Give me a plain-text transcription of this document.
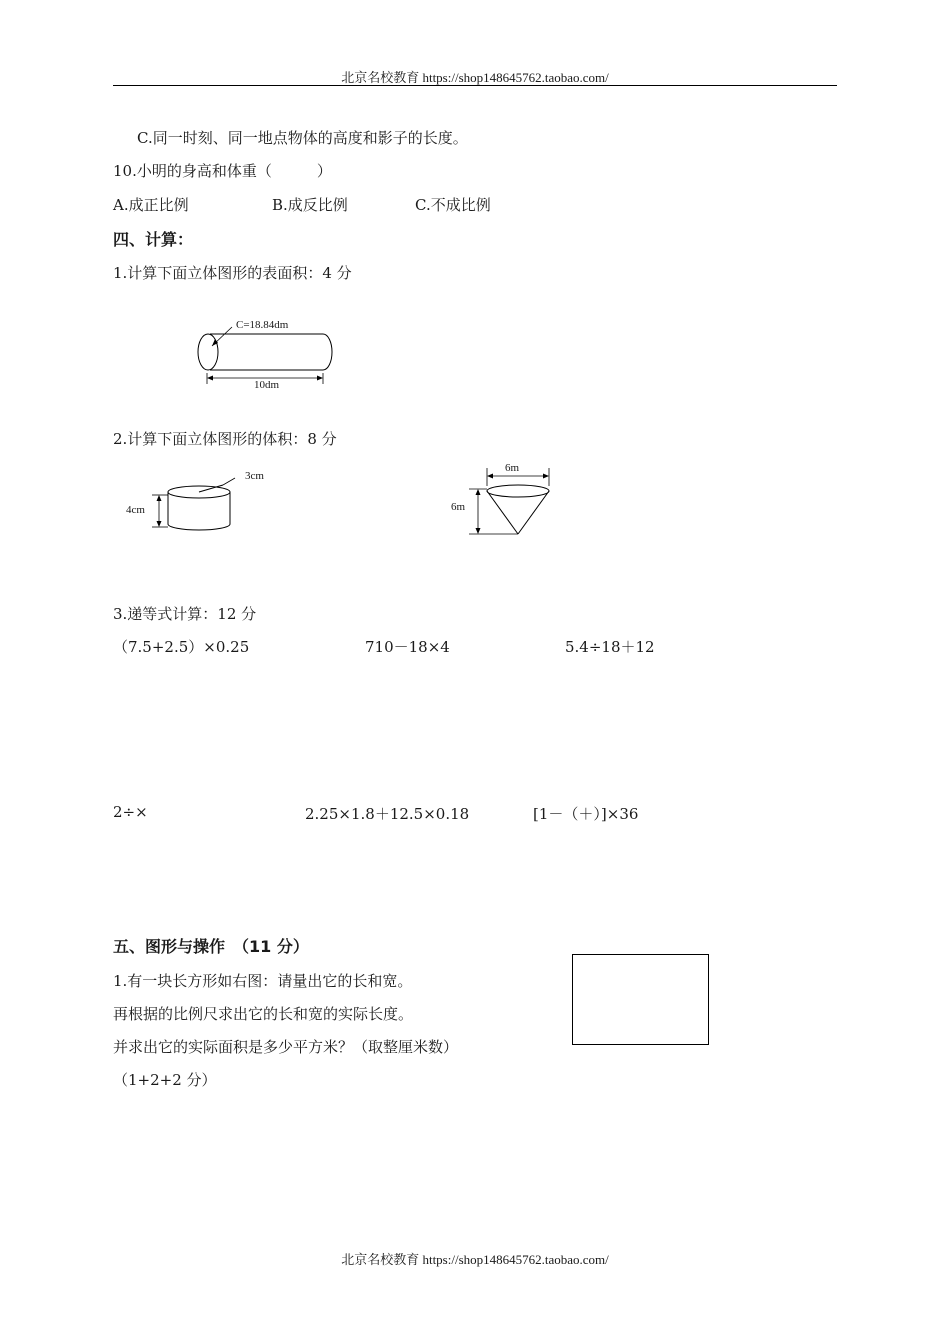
北京名校教育 https://shop148645762.taobao.com/
C.同一时刻、同一地点物体的高度和影子的长度。
10.小明的身高和体重（　　　）
A.成正比例	B.成反比例	C.不成比例
四、计算：
1.计算下面立体图形的表面积：4 分
C=18.84dm
10dm
2.计算下面立体图形的体积：8 分
3cm
4cm
6m
6m
3.递等式计算：12 分
（7.5+2.5）×0.25	710－18×4	5.4÷18＋12
2÷×	2.25×1.8＋12.5×0.18	[1－（＋）]×36
五、图形与操作　（11 分）
1.有一块长方形如右图：请量出它的长和宽。
再根据的比例尺求出它的长和宽的实际长度。
并求出它的实际面积是多少平方米？（取整厘米数）
（1+2+2 分）
北京名校教育 https://shop148645762.taobao.com/
